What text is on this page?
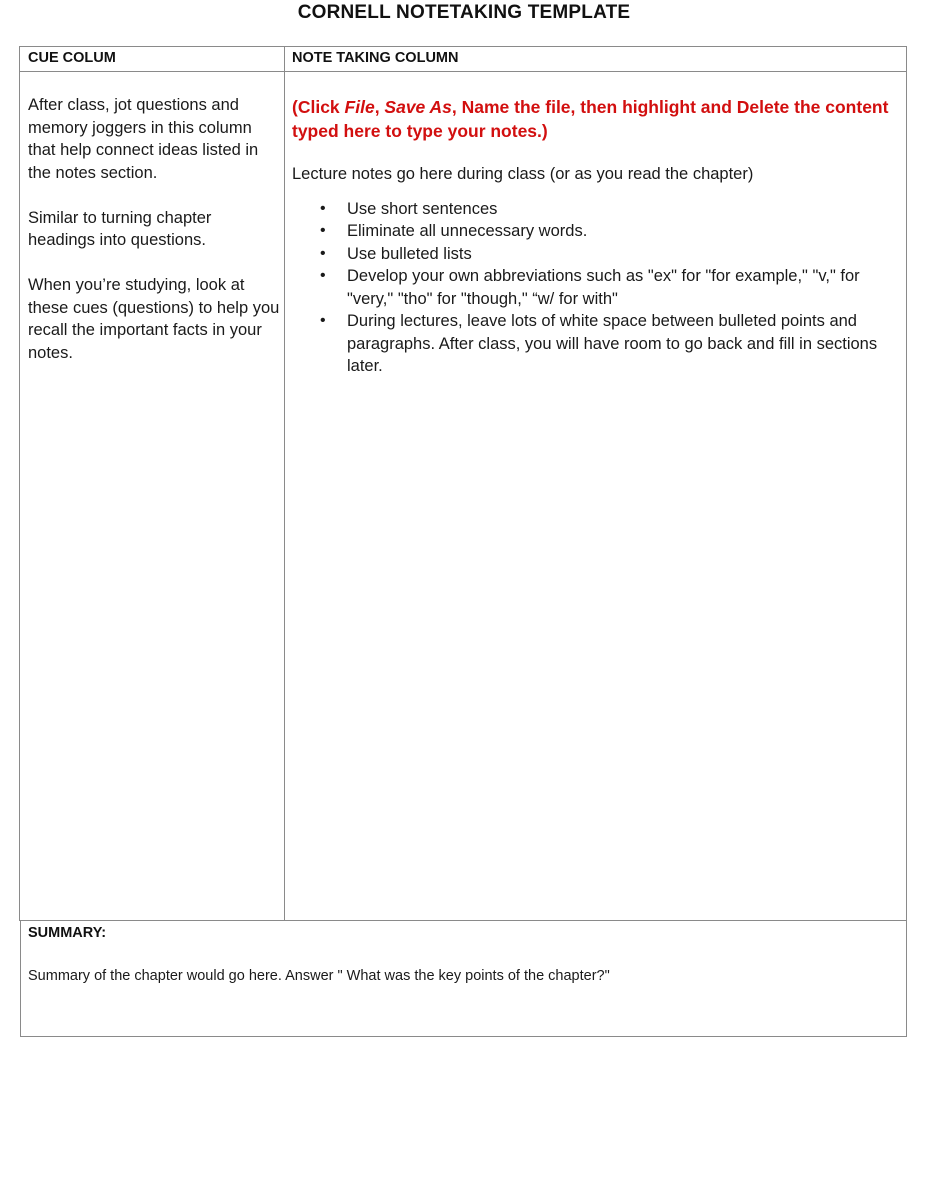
CORNELL NOTETAKING TEMPLATE
CUE COLUM	NOTE TAKING COLUMN

After class, jot questions and memory joggers in this column that help connect ideas listed in the notes section.

Similar to turning chapter headings into questions.

When you’re studying, look at these cues (questions) to help you recall the important facts in your notes.

(Click File, Save As, Name the file, then highlight and Delete the content typed here to type your notes.)

Lecture notes go here during class (or as you read the chapter)

• Use short sentences
• Eliminate all unnecessary words.
• Use bulleted lists
• Develop your own abbreviations such as "ex" for "for example," "v," for "very," "tho" for "though," “w/ for with"
• During lectures, leave lots of white space between bulleted points and paragraphs. After class, you will have room to go back and fill in sections later.
SUMMARY:
Summary of the chapter would go here. Answer " What was the key points of the chapter?"
